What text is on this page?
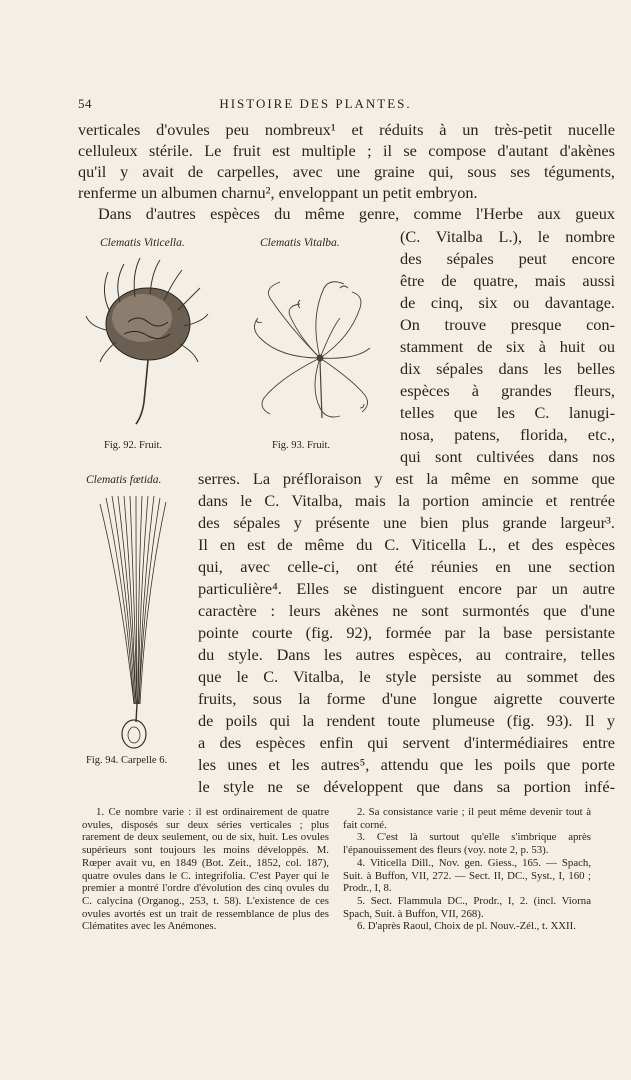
54	HISTOIRE DES PLANTES.
verticales d'ovules peu nombreux¹ et réduits à un très-petit nucelle
celluleux stérile. Le fruit est multiple ; il se compose d'autant d'akènes
qu'il y avait de carpelles, avec une graine qui, sous ses téguments,
renferme un albumen charnu², enveloppant un petit embryon.
Dans d'autres espèces du même genre, comme l'Herbe aux gueux
(C. Vitalba L.), le nombre
des sépales peut encore
être de quatre, mais aussi
de cinq, six ou davantage.
On trouve presque con-
stamment de six à huit ou
dix sépales dans les belles
espèces à grandes fleurs,
telles que les C. lanugi-
nosa, patens, florida, etc.,
qui sont cultivées dans nos
serres. La préfloraison y est la même en somme que
dans le C. Vitalba, mais la portion amincie et rentrée
des sépales y présente une bien plus grande largeur³.
Il en est de même du C. Viticella L., et des espèces
qui, avec celle-ci, ont été réunies en une section
particulière⁴. Elles se distinguent encore par un autre
caractère : leurs akènes ne sont surmontés que d'une
pointe courte (fig. 92), formée par la base persistante
du style. Dans les autres espèces, au contraire, telles
que le C. Vitalba, le style persiste au sommet des
fruits, sous la forme d'une longue aigrette couverte
de poils qui la rendent toute plumeuse (fig. 93). Il y
a des espèces enfin qui servent d'intermédiaires entre
les unes et les autres⁵, attendu que les poils que porte
le style ne se développent que dans sa portion infé-
Clematis Viticella.
Fig. 92. Fruit.
Clematis Vitalba.
Fig. 93. Fruit.
Clematis fœtida.
Fig. 94. Carpelle 6.

1. Ce nombre varie : il est ordinairement de quatre ovules, disposés sur deux séries verticales ; plus rarement de deux seulement, ou de six, huit. Les ovules supérieurs sont toujours les moins développés. M. Rœper avait vu, en 1849 (Bot. Zeit., 1852, col. 187), quatre ovules dans le C. integrifolia. C'est Payer qui le premier a montré l'ordre d'évolution des cinq ovules du C. calycina (Organog., 253, t. 58). L'existence de ces ovules avortés est un trait de ressemblance de plus des Clématites avec les Anémones.

2. Sa consistance varie ; il peut même devenir tout à fait corné.

3. C'est là surtout qu'elle s'imbrique après l'épanouissement des fleurs (voy. note 2, p. 53).

4. Viticella Dill., Nov. gen. Giess., 165. — Spach, Suit. à Buffon, VII, 272. — Sect. II, DC., Syst., I, 160 ; Prodr., I, 8.

5. Sect. Flammula DC., Prodr., I, 2. (incl. Viorna Spach, Suit. à Buffon, VII, 268).

6. D'après Raoul, Choix de pl. Nouv.-Zél., t. XXII.
